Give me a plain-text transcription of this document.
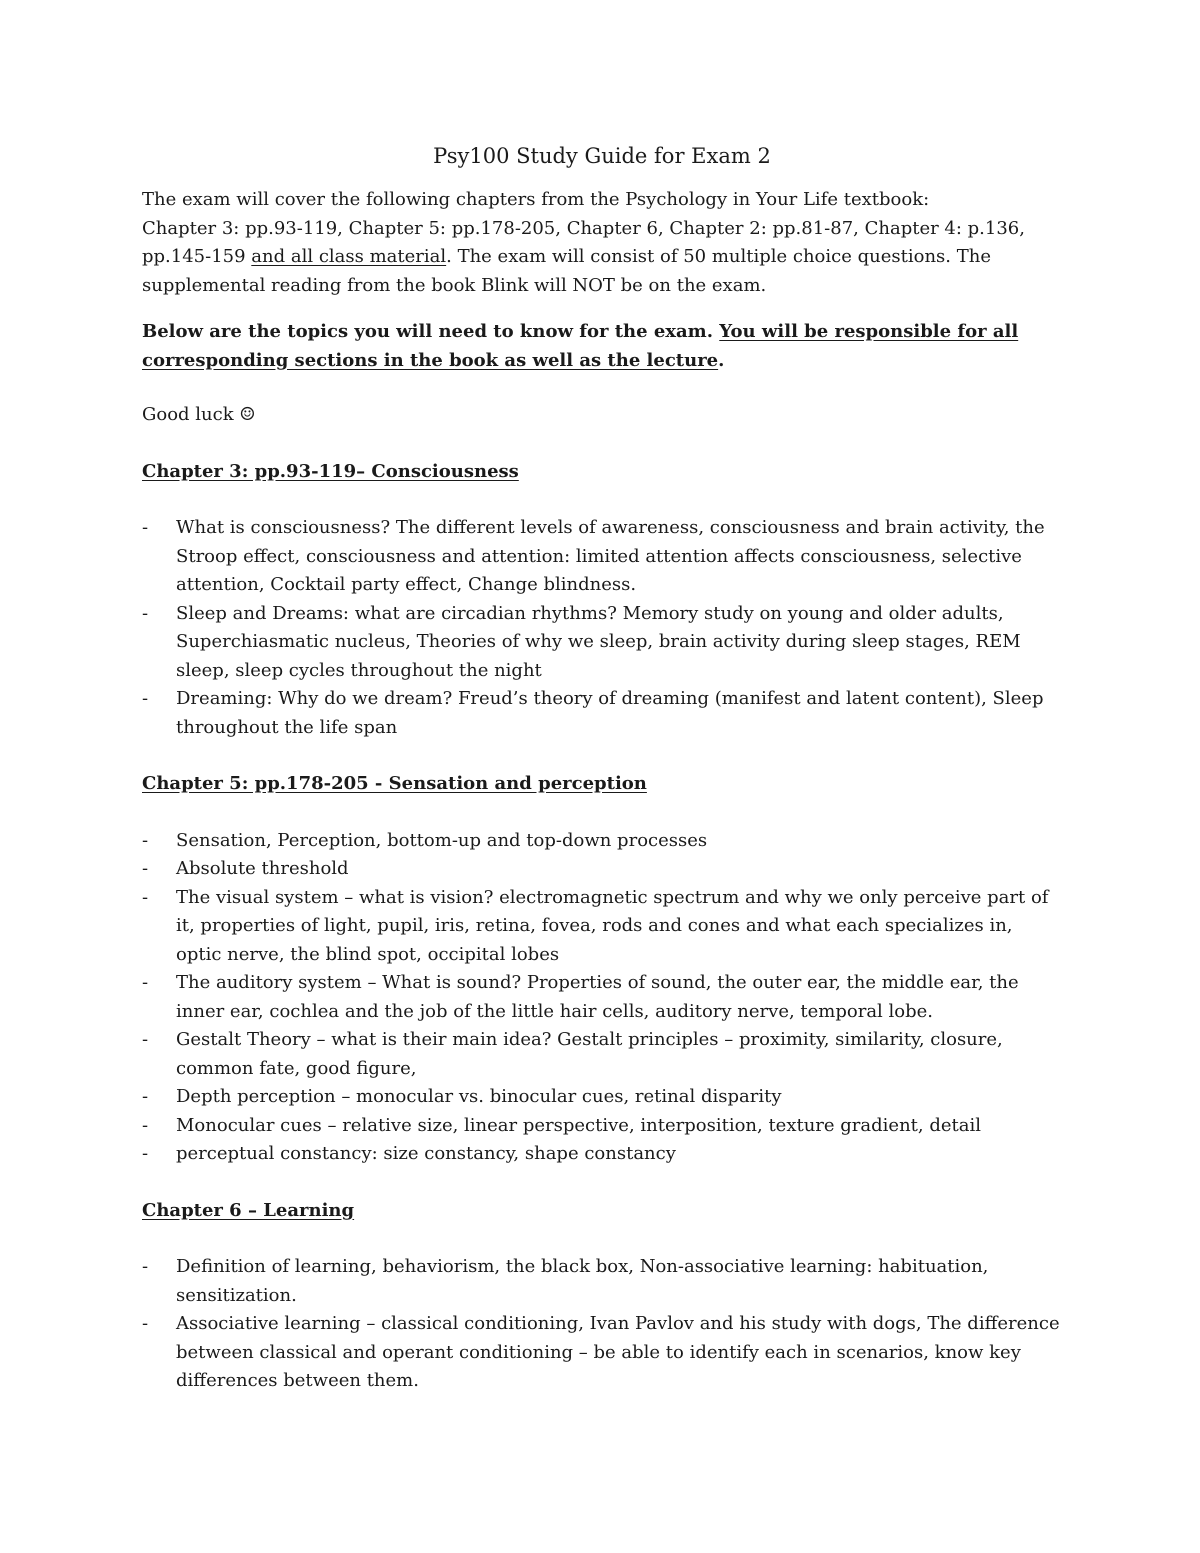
Psy100 Study Guide for Exam 2

The exam will cover the following chapters from the Psychology in Your Life textbook:
Chapter 3: pp.93-119, Chapter 5: pp.178-205, Chapter 6, Chapter 2: pp.81-87, Chapter 4: p.136, pp.145-159 and all class material. The exam will consist of 50 multiple choice questions. The supplemental reading from the book Blink will NOT be on the exam.

Below are the topics you will need to know for the exam. You will be responsible for all corresponding sections in the book as well as the lecture.

Good luck ☺

Chapter 3: pp.93-119– Consciousness

- What is consciousness? The different levels of awareness, consciousness and brain activity, the Stroop effect, consciousness and attention: limited attention affects consciousness, selective attention, Cocktail party effect, Change blindness.
- Sleep and Dreams: what are circadian rhythms? Memory study on young and older adults, Superchiasmatic nucleus, Theories of why we sleep, brain activity during sleep stages, REM sleep, sleep cycles throughout the night
- Dreaming: Why do we dream? Freud’s theory of dreaming (manifest and latent content), Sleep throughout the life span

Chapter 5: pp.178-205 - Sensation and perception

- Sensation, Perception, bottom-up and top-down processes
- Absolute threshold
- The visual system – what is vision? electromagnetic spectrum and why we only perceive part of it, properties of light, pupil, iris, retina, fovea, rods and cones and what each specializes in, optic nerve, the blind spot, occipital lobes
- The auditory system – What is sound? Properties of sound, the outer ear, the middle ear, the inner ear, cochlea and the job of the little hair cells, auditory nerve, temporal lobe.
- Gestalt Theory – what is their main idea? Gestalt principles – proximity, similarity, closure, common fate, good figure,
- Depth perception – monocular vs. binocular cues, retinal disparity
- Monocular cues – relative size, linear perspective, interposition, texture gradient, detail
- perceptual constancy: size constancy, shape constancy

Chapter 6 – Learning

- Definition of learning, behaviorism, the black box, Non-associative learning: habituation, sensitization.
- Associative learning – classical conditioning, Ivan Pavlov and his study with dogs, The difference between classical and operant conditioning – be able to identify each in scenarios, know key differences between them.
